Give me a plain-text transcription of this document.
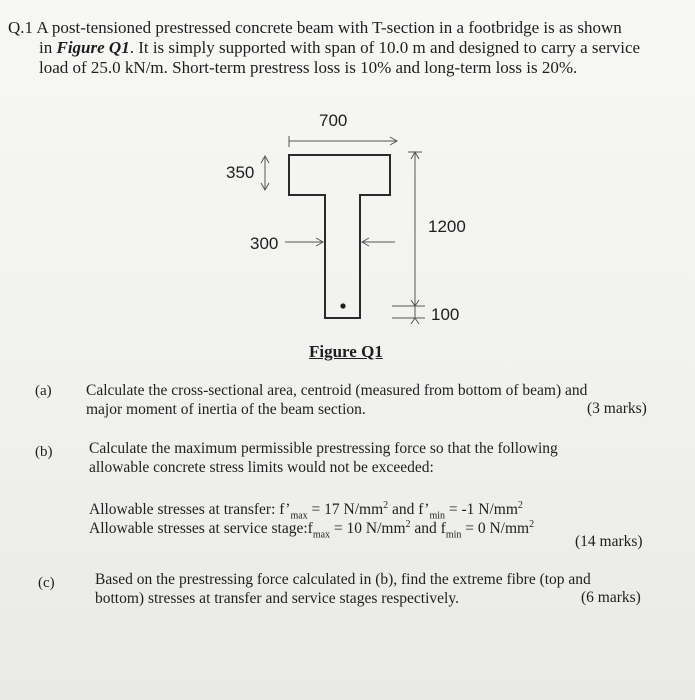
Q.1 A post-tensioned prestressed concrete beam with T-section in a footbridge is as shown
in Figure Q1. It is simply supported with span of 10.0 m and designed to carry a service
load of 25.0 kN/m. Short-term prestress loss is 10% and long-term loss is 20%.
700
350
300
1200
100
Figure Q1
(a) Calculate the cross-sectional area, centroid (measured from bottom of beam) and
major moment of inertia of the beam section.	(3 marks)
(b) Calculate the maximum permissible prestressing force so that the following
allowable concrete stress limits would not be exceeded:
Allowable stresses at transfer: $f’_{max} = 17$ $N/mm^2$ and $f’_{min} = -1$ $N/mm^2$
Allowable stresses at service $stage:f_{max} = 10$ $N/mm^2$ and $f_{min} = 0$ $N/mm^2$
(14 marks)
(c)	Based on the prestressing force calculated in (b), find the extreme fibre (top and
bottom) stresses at transfer and service stages respectively.	(6 marks)
